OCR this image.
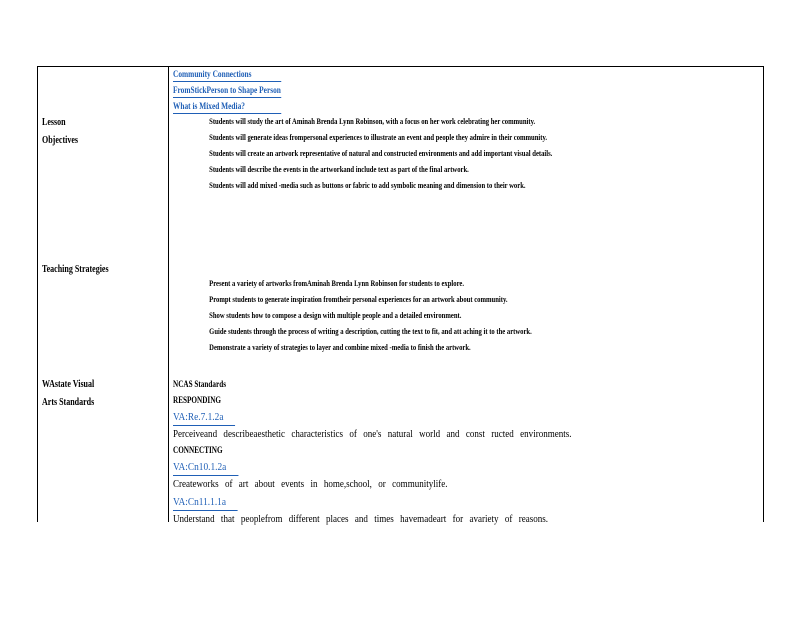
Community Connections
FromStickPerson to Shape Person
What is Mixed Media?
Lesson
Objectives
Teaching Strategies
WAstate Visual
Arts Standards
Students will study the art of Aminah Brenda Lynn Robinson, with a focus on her work celebrating her community.
Students will generate ideas frompersonal experiences to illustrate an event and people they admire in their community.
Students will create an artwork representative of natural and constructed environments and add important visual details.
Students will describe the events in the artworkand include text as part of the final artwork.
Students will add mixed -media such as buttons or fabric to add symbolic meaning and dimension to their work.
Present a variety of artworks fromAminah Brenda Lynn Robinson for students to explore.
Prompt students to generate inspiration fromtheir personal experiences for an artwork about community.
Show students how to compose a design with multiple people and a detailed environment.
Guide students through the process of writing a description, cutting the text to fit, and att aching it to the artwork.
Demonstrate a variety of strategies to layer and combine mixed -media to finish the artwork.
NCAS Standards
RESPONDING
VA:Re.7.1.2a
Perceiveand describeaesthetic characteristics of one's natural world and const ructed environments.
CONNECTING
VA:Cn10.1.2a
Createworks of art about events in home,school, or communitylife.
VA:Cn11.1.1a
Understand that peoplefrom different places and times havemadeart for avariety of reasons.
